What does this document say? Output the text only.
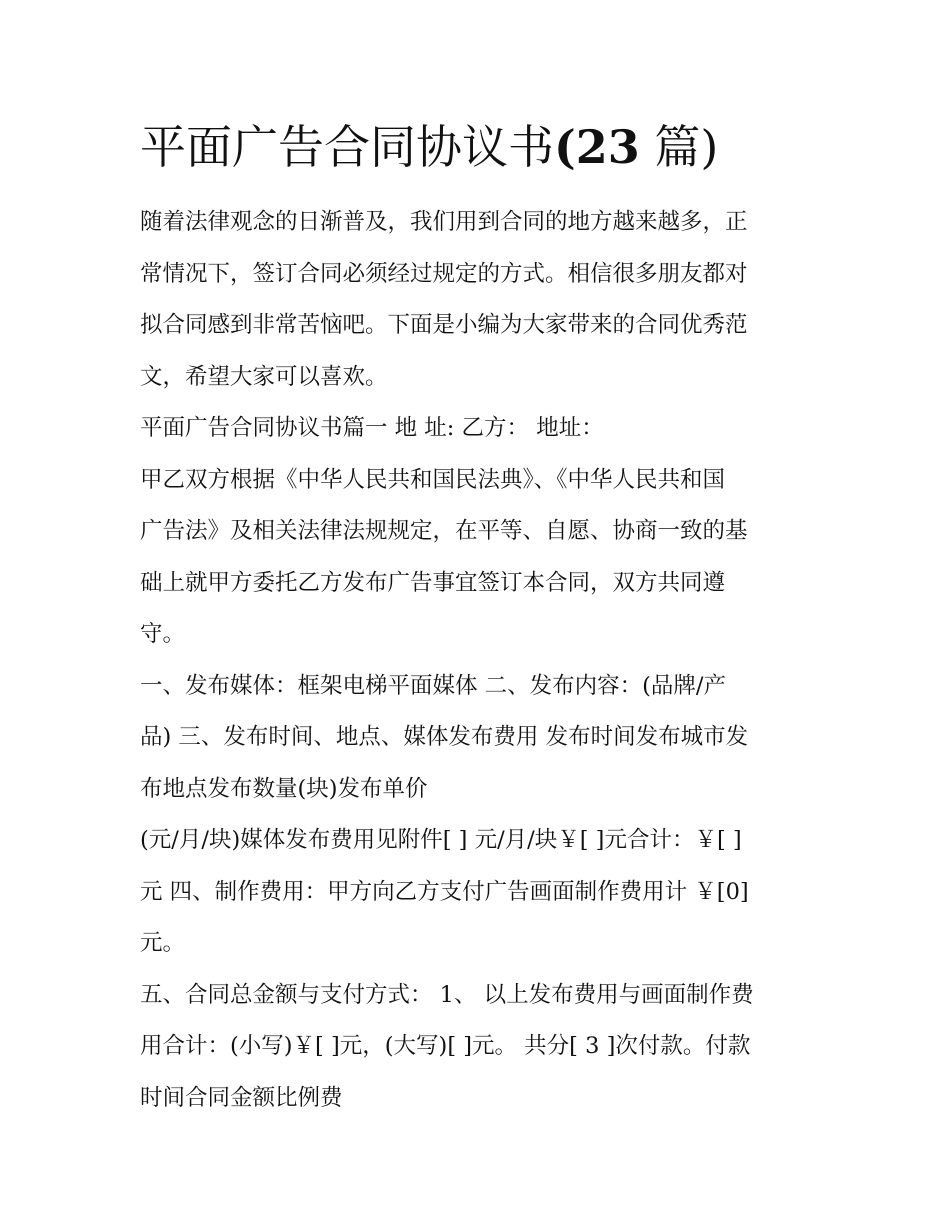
平面广告合同协议书(23 篇)

随着法律观念的日渐普及，我们用到合同的地方越来越多，正
常情况下，签订合同必须经过规定的方式。相信很多朋友都对
拟合同感到非常苦恼吧。下面是小编为大家带来的合同优秀范
文，希望大家可以喜欢。

平面广告合同协议书篇一 地 址: 乙方： 地址：

甲乙双方根据《中华人民共和国民法典》、《中华人民共和国
广告法》及相关法律法规规定，在平等、自愿、协商一致的基
础上就甲方委托乙方发布广告事宜签订本合同，双方共同遵
守。

一、发布媒体：框架电梯平面媒体 二、发布内容：(品牌/产
品) 三、发布时间、地点、媒体发布费用 发布时间发布城市发
布地点发布数量(块)发布单价
(元/月/块)媒体发布费用见附件[ ] 元/月/块￥[ ]元合计：￥[ ]
元 四、制作费用：甲方向乙方支付广告画面制作费用计 ￥[0]
元。

五、合同总金额与支付方式： 1、 以上发布费用与画面制作费
用合计：(小写)￥[ ]元，(大写)[ ]元。 共分[ 3 ]次付款。付款
时间合同金额比例费
